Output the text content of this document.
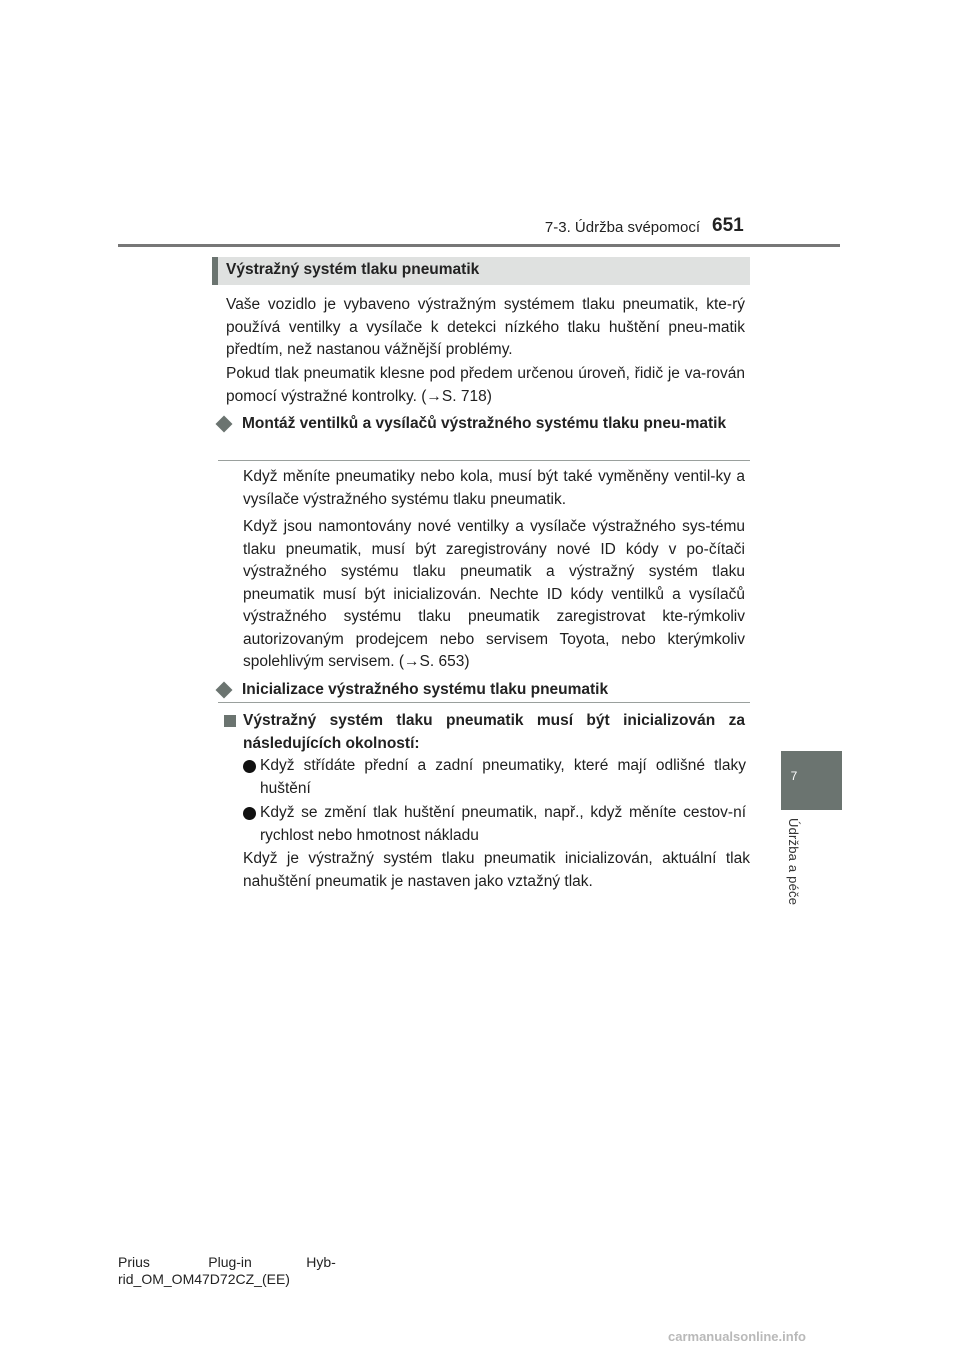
7-3. Údržba svépomocí 651
7
Údržba a péče
Výstražný systém tlaku pneumatik
Vaše vozidlo je vybaveno výstražným systémem tlaku pneumatik, kte-rý používá ventilky a vysílače k detekci nízkého tlaku huštění pneu-matik předtím, než nastanou vážnější problémy.
Pokud tlak pneumatik klesne pod předem určenou úroveň, řidič je va-rován pomocí výstražné kontrolky. (→S. 718)
Montáž ventilků a vysílačů výstražného systému tlaku pneu-matik
Když měníte pneumatiky nebo kola, musí být také vyměněny ventil-ky a vysílače výstražného systému tlaku pneumatik.
Když jsou namontovány nové ventilky a vysílače výstražného sys-tému tlaku pneumatik, musí být zaregistrovány nové ID kódy v po-čítači výstražného systému tlaku pneumatik a výstražný systém tlaku pneumatik musí být inicializován. Nechte ID kódy ventilků a vysílačů výstražného systému tlaku pneumatik zaregistrovat kte-rýmkoliv autorizovaným prodejcem nebo servisem Toyota, nebo kterýmkoliv spolehlivým servisem. (→S. 653)
Inicializace výstražného systému tlaku pneumatik
Výstražný systém tlaku pneumatik musí být inicializován za následujících okolností:
Když střídáte přední a zadní pneumatiky, které mají odlišné tlaky huštění
Když se změní tlak huštění pneumatik, např., když měníte cestov-ní rychlost nebo hmotnost nákladu
Když je výstražný systém tlaku pneumatik inicializován, aktuální tlak nahuštění pneumatik je nastaven jako vztažný tlak.
Prius               Plug-in              Hyb-
rid_OM_OM47D72CZ_(EE)
carmanualsonline.info
